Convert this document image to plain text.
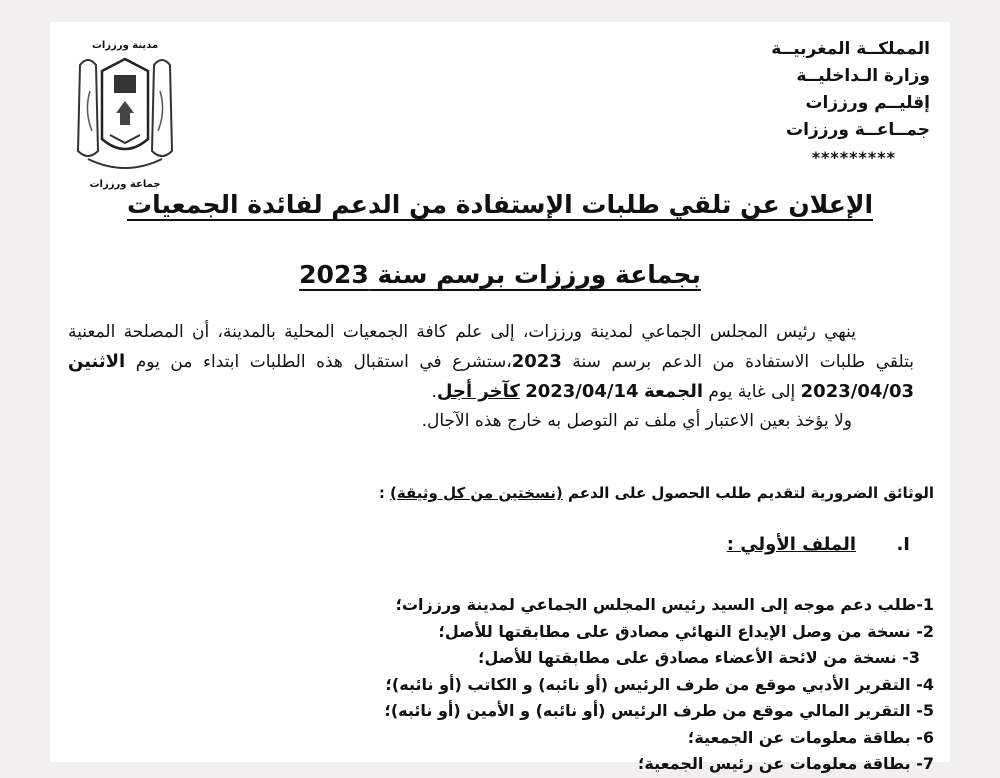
المملكــة المغربيــة
وزارة الـداخليــة
إقليــم ورززات
جمــاعــة ورززات
*********
مدينة ورززات
جماعة ورززات
الإعلان عن تلقي طلبات الإستفادة من الدعم لفائدة الجمعيات
بجماعة ورززات برسم سنة 2023

ينهي رئيس المجلس الجماعي لمدينة ورززات، إلى علم كافة الجمعيات المحلية بالمدينة، أن المصلحة المعنية بتلقي طلبات الاستفادة من الدعم برسم سنة 2023،ستشرع في استقبال هذه الطلبات ابتداء من يوم الاثنين 2023/04/03 إلى غاية يوم الجمعة 2023/04/14 كآخر أجل.

ولا يؤخذ بعين الاعتبار أي ملف تم التوصل به خارج هذه الآجال.

الوثائق الضرورية لتقديم طلب الحصول على الدعم (نسختين من كل وثيقة) :
I.الملف الأولي :
1-طلب دعم موجه إلى السيد رئيس المجلس الجماعي لمدينة ورززات؛
2- نسخة من وصل الإيداع النهائي مصادق على مطابقتها للأصل؛
3- نسخة من لائحة الأعضاء مصادق على مطابقتها للأصل؛
4- التقرير الأدبي موقع من طرف الرئيس (أو نائبه) و الكاتب (أو نائبه)؛
5- التقرير المالي موقع من طرف الرئيس (أو نائبه) و الأمين (أو نائبه)؛
6- بطاقة معلومات عن الجمعية؛
7- بطاقة معلومات عن رئيس الجمعية؛
